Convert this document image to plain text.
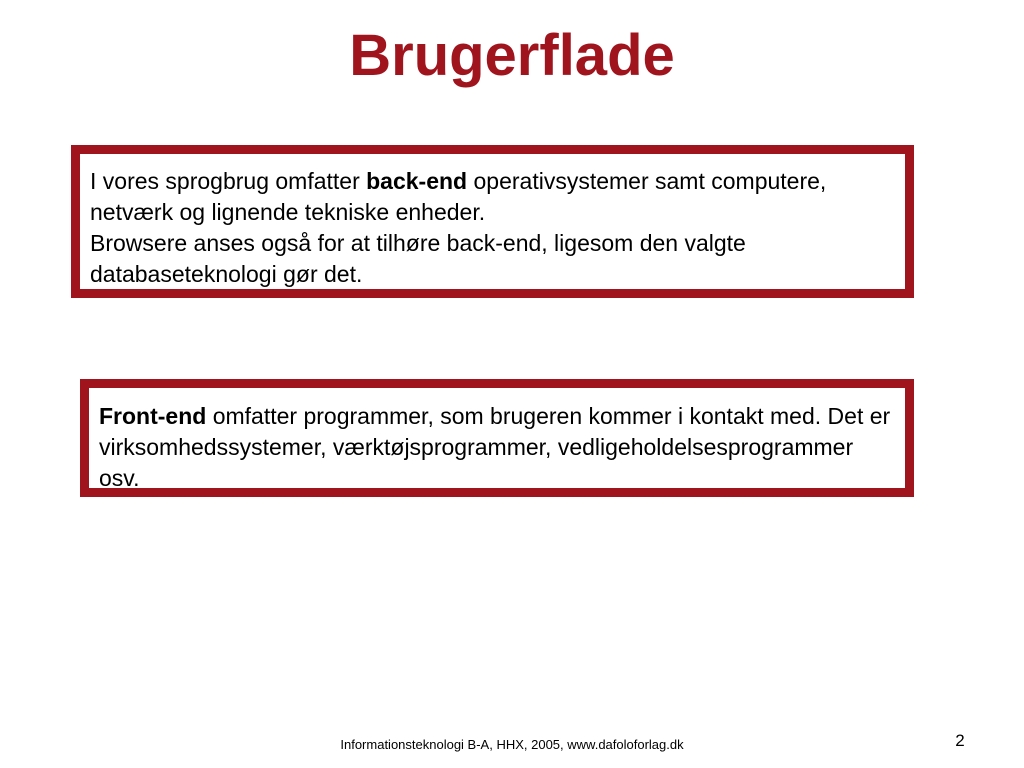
Brugerflade

I vores sprogbrug omfatter back-end operativsystemer samt computere, netværk og lignende tekniske enheder.

Browsere anses også for at tilhøre back-end, ligesom den valgte databaseteknologi gør det.

Front-end omfatter programmer, som brugeren kommer i kontakt med. Det er virksomhedssystemer, værktøjsprogrammer, vedligeholdelsesprogrammer osv.

Informationsteknologi B-A, HHX, 2005, www.dafoloforlag.dk	2
